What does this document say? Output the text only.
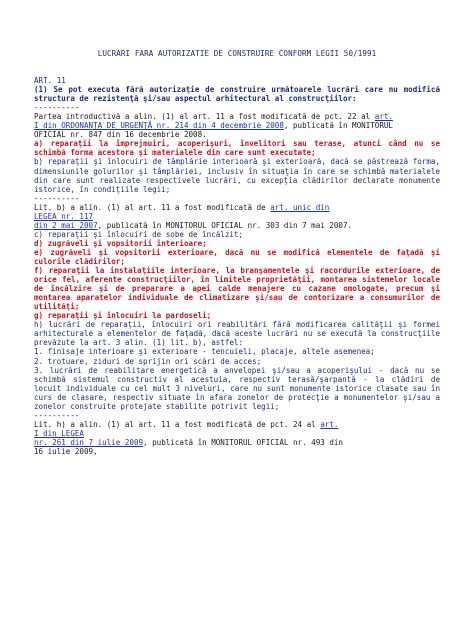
LUCRARI FARA AUTORIZATIE DE CONSTRUIRE CONFORM LEGII 50/1991
ART. 11
(1) Se pot executa fără autorizaţie de construire următoarele lucrări care nu modifică structura de rezistenţă şi/sau aspectul arhitectural al construcţiilor:
----------
Partea introductivă a alin. (1) al art. 11 a fost modificată de pct. 22 al art.
I din ORDONANŢA DE URGENŢĂ nr. 214 din 4 decembrie 2008, publicată în MONITORUL
OFICIAL nr. 847 din 16 decembrie 2008.
a) reparaţii la împrejmuiri, acoperişuri, învelitori sau terase, atunci când nu se schimbă forma acestora şi materialele din care sunt executate;
b) reparaţii şi înlocuiri de tâmplărie interioară şi exterioară, dacă se păstrează forma, dimensiunile golurilor şi tâmplăriei, inclusiv în situaţia în care se schimbă materialele din care sunt realizate respectivele lucrări, cu excepţia clădirilor declarate monumente istorice, în condiţiile legii;
----------
Lit. b) a alin. (1) al art. 11 a fost modificată de art. unic din
LEGEA nr. 117
din 2 mai 2007, publicată în MONITORUL OFICIAL nr. 303 din 7 mai 2007.
c) reparaţii şi înlocuiri de sobe de încălzit;
d) zugrăveli şi vopsitorii interioare;
e) zugrăveli şi vopsitorii exterioare, dacă nu se modifică elementele de faţadă şi culorile clădirilor;
f) reparaţii la instalaţiile interioare, la branşamentele şi racordurile exterioare, de orice fel, aferente construcţiilor, în limitele proprietăţii, montarea sistemelor locale de încălzire şi de preparare a apei calde menajere cu cazane omologate, precum şi montarea aparatelor individuale de climatizare şi/sau de contorizare a consumurilor de utilităţi;
g) reparaţii şi înlocuiri la pardoseli;
h) lucrări de reparaţii, înlocuiri ori reabilitări fără modificarea calităţii şi formei arhitecturale a elementelor de faţadă, dacă aceste lucrări nu se execută la construcţiile prevăzute la art. 3 alin. (1) lit. b), astfel:
1. finisaje interioare şi exterioare - tencuieli, placaje, altele asemenea;
2. trotuare, ziduri de sprijin ori scări de acces;
3. lucrări de reabilitare energetică a anvelopei şi/sau a acoperişului - dacă nu se schimbă sistemul constructiv al acestuia, respectiv terasă/şarpantă - la clădiri de locuit individuale cu cel mult 3 niveluri, care nu sunt monumente istorice clasate sau în curs de clasare, respectiv situate în afara zonelor de protecţie a monumentelor şi/sau a zonelor construite protejate stabilite potrivit legii;
----------
Lit. h) a alin. (1) al art. 11 a fost modificată de pct. 24 al art.
I din LEGEA
nr. 261 din 7 iulie 2009, publicată în MONITORUL OFICIAL nr. 493 din
16 iulie 2009,
